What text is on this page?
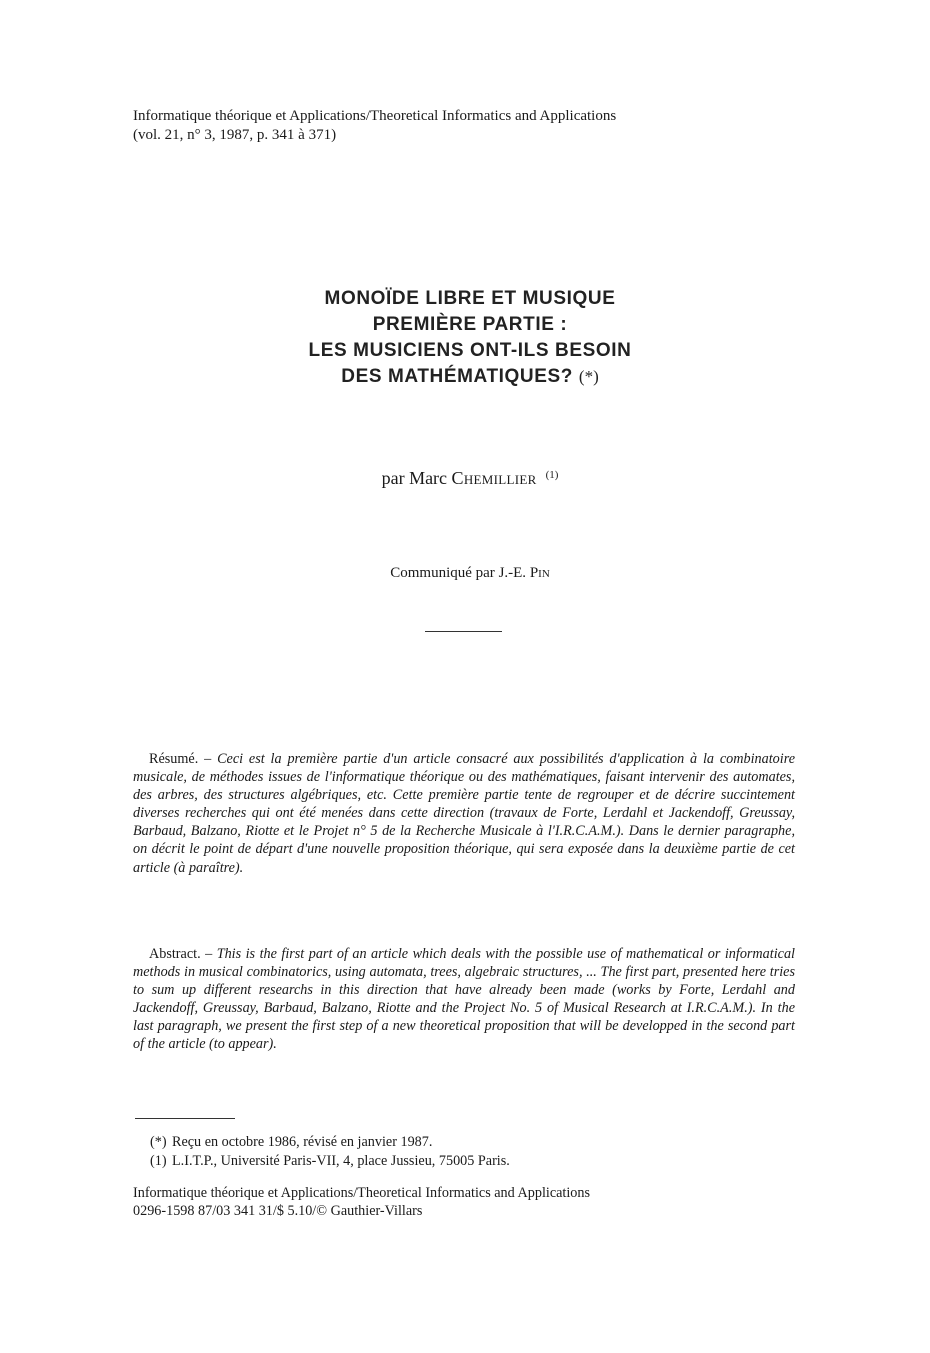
Informatique théorique et Applications/Theoretical Informatics and Applications
(vol. 21, n° 3, 1987, p. 341 à 371)
MONOÏDE LIBRE ET MUSIQUE
PREMIÈRE PARTIE :
LES MUSICIENS ONT-ILS BESOIN
DES MATHÉMATIQUES? (*)
par Marc Chemillier $^{(1)}$
Communiqué par J.-E. Pin
Résumé. – Ceci est la première partie d'un article consacré aux possibilités d'application à la combinatoire musicale, de méthodes issues de l'informatique théorique ou des mathématiques, faisant intervenir des automates, des arbres, des structures algébriques, etc. Cette première partie tente de regrouper et de décrire succintement diverses recherches qui ont été menées dans cette direction (travaux de Forte, Lerdahl et Jackendoff, Greussay, Barbaud, Balzano, Riotte et le Projet n° 5 de la Recherche Musicale à l'I.R.C.A.M.). Dans le dernier paragraphe, on décrit le point de départ d'une nouvelle proposition théorique, qui sera exposée dans la deuxième partie de cet article (à paraître).
Abstract. – This is the first part of an article which deals with the possible use of mathematical or informatical methods in musical combinatorics, using automata, trees, algebraic structures, ... The first part, presented here tries to sum up different researchs in this direction that have already been made (works by Forte, Lerdahl and Jackendoff, Greussay, Barbaud, Balzano, Riotte and the Project No. 5 of Musical Research at I.R.C.A.M.). In the last paragraph, we present the first step of a new theoretical proposition that will be developped in the second part of the article (to appear).
(*) Reçu en octobre 1986, révisé en janvier 1987.
(1) L.I.T.P., Université Paris-VII, 4, place Jussieu, 75005 Paris.
Informatique théorique et Applications/Theoretical Informatics and Applications
0296-1598 87/03 341 31/$ 5.10/© Gauthier-Villars
